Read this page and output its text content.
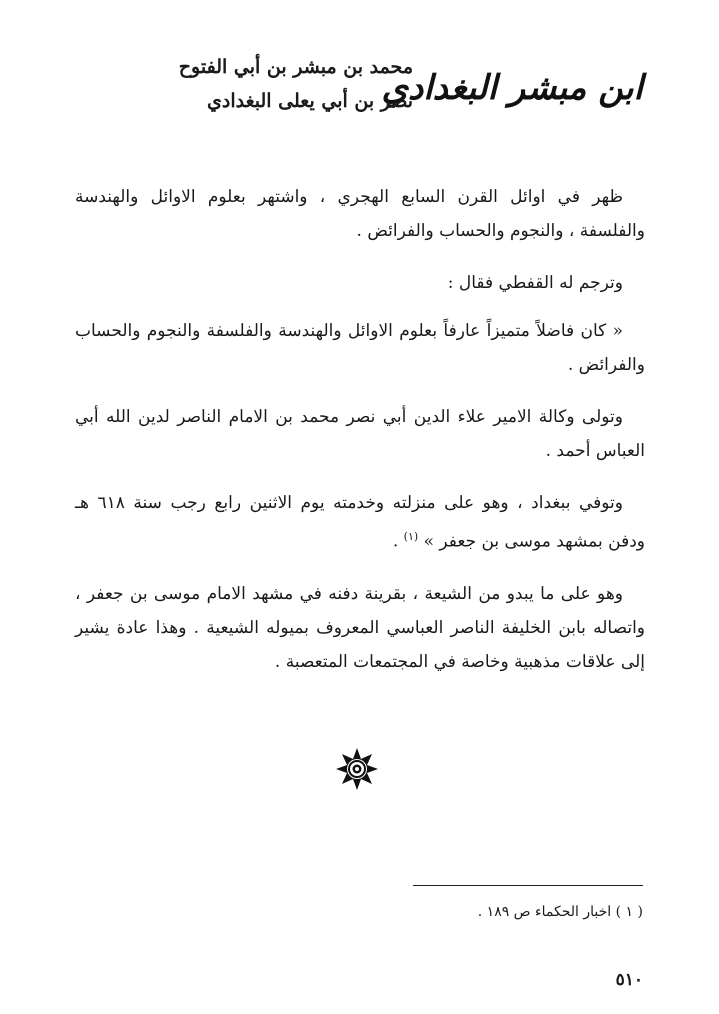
ابن مبشر البغدادي
محمد بن مبشر بن أبي الفتوح
نصر بن أبي يعلى البغدادي

ظهر في اوائل القرن السابع الهجري ، واشتهر بعلوم الاوائل والهندسة والفلسفة ، والنجوم والحساب والفرائض .

وترجم له القفطي فقال :

« كان فاضلاً متميزاً عارفاً بعلوم الاوائل والهندسة والفلسفة والنجوم والحساب والفرائض .

وتولى وكالة الامير علاء الدين أبي نصر محمد بن الامام الناصر لدين الله أبي العباس أحمد .

وتوفي ببغداد ، وهو على منزلته وخدمته يوم الاثنين رابع رجب سنة ٦١٨ هـ ودفن بمشهد موسى بن جعفر » $^{(١)}$ .

وهو على ما يبدو من الشيعة ، بقرينة دفنه في مشهد الامام موسى بن جعفر ، واتصاله بابن الخليفة الناصر العباسي المعروف بميوله الشيعية . وهذا عادة يشير إلى علاقات مذهبية وخاصة في المجتمعات المتعصبة .

( ١ ) اخبار الحكماء ص ١٨٩ .
٥١٠
